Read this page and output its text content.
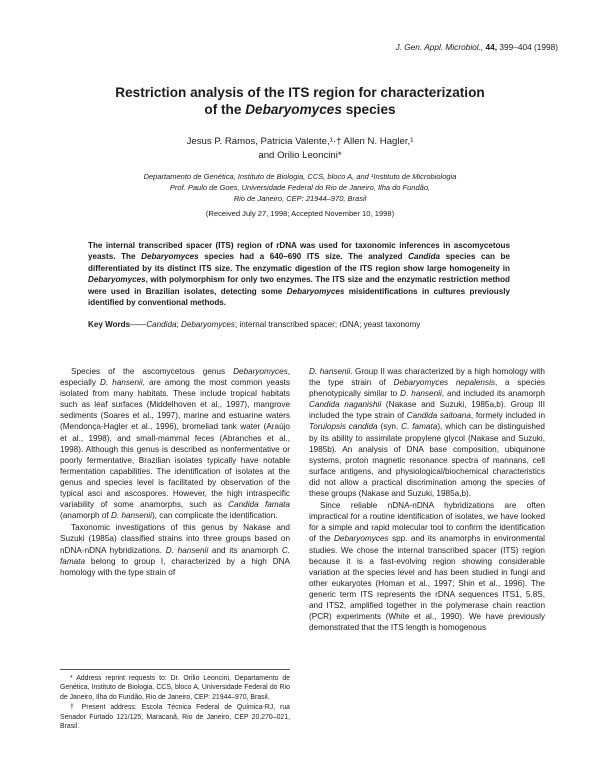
J. Gen. Appl. Microbiol., 44, 399–404 (1998)
Restriction analysis of the ITS region for characterization
of the Debaryomyces species
Jesus P. Ramos, Patricia Valente,¹·† Allen N. Hagler,¹
and Orilio Leoncini*
Departamento de Genética, Instituto de Biologia, CCS, bloco A, and ¹Instituto de Microbiologia
Prof. Paulo de Goes, Universidade Federal do Rio de Janeiro, Ilha do Fundão,
Rio de Janeiro, CEP: 21944–970, Brasil
(Received July 27, 1998; Accepted November 10, 1998)
The internal transcribed spacer (ITS) region of rDNA was used for taxonomic inferences in ascomycetous yeasts. The Debaryomyces species had a 640–690 ITS size. The analyzed Candida species can be differentiated by its distinct ITS size. The enzymatic digestion of the ITS region show large homogeneity in Debaryomyces, with polymorphism for only two enzymes. The ITS size and the enzymatic restriction method were used in Brazilian isolates, detecting some Debaryomyces misidentifications in cultures previously identified by conventional methods.
Key Words——Candida; Debaryomyces; internal transcribed spacer; rDNA; yeast taxonomy

Species of the ascomycetous genus Debaryomyces, especially D. hansenii, are among the most common yeasts isolated from many habitats. These include tropical habitats such as leaf surfaces (Middelhoven et al., 1997), mangrove sediments (Soares et al., 1997), marine and estuarine waters (Mendonça-Hagler et al., 1996), bromeliad tank water (Araújo et al., 1998), and small-mammal feces (Abranches et al., 1998). Although this genus is described as nonfermentative or poorly fermentative, Brazilian isolates typically have notable fermentation capabilities. The identification of isolates at the genus and species level is facilitated by observation of the typical asci and ascospores. However, the high intraspecific variability of some anamorphs, such as Candida famata (anamorph of D. hansenii), can complicate the identification.

Taxonomic investigations of this genus by Nakase and Suzuki (1985a) classified strains into three groups based on nDNA-nDNA hybridizations. D. hansenii and its anamorph C. famata belong to group I, characterized by a high DNA homology with the type strain of

D. hansenii. Group II was characterized by a high homology with the type strain of Debaryomyces nepalensis, a species phenotypically similar to D. hansenii, and included its anamorph Candida naganishii (Nakase and Suzuki, 1985a,b). Group III included the type strain of Candida saitoana, formely included in Torulopsis candida (syn. C. famata), which can be distinguished by its ability to assimilate propylene glycol (Nakase and Suzuki, 1985b). An analysis of DNA base composition, ubiquinone systems, proton magnetic resonance spectra of mannans, cell surface antigens, and physiological/biochemical characteristics did not allow a practical discrimination among the species of these groups (Nakase and Suzuki, 1985a,b).

Since reliable nDNA-nDNA hybridizations are often impractical for a routine identification of isolates, we have looked for a simple and rapid molecular tool to confirm the identification of the Debaryomyces spp. and its anamorphs in environmental studies. We chose the internal transcribed spacer (ITS) region because it is a fast-evolving region showing considerable variation at the species level and has been studied in fungi and other eukaryotes (Homan et al., 1997; Shin et al., 1996). The generic term ITS represents the rDNA sequences ITS1, 5.8S, and ITS2, amplified together in the polymerase chain reaction (PCR) experiments (White et al., 1990). We have previously demonstrated that the ITS length is homogenous

* Address reprint requests to: Dr. Orilio Leoncini, Departamento de Genética, Instituto de Biologia, CCS, bloco A, Universidade Federal do Rio de Janeiro, Ilha do Fundão, Rio de Janeiro, CEP: 21944–970, Brasil.

† Present address: Escola Técnica Federal de Química-RJ, rua Senador Furtado 121/125, Maracanã, Rio de Janeiro, CEP 20.270–021, Brasil.
